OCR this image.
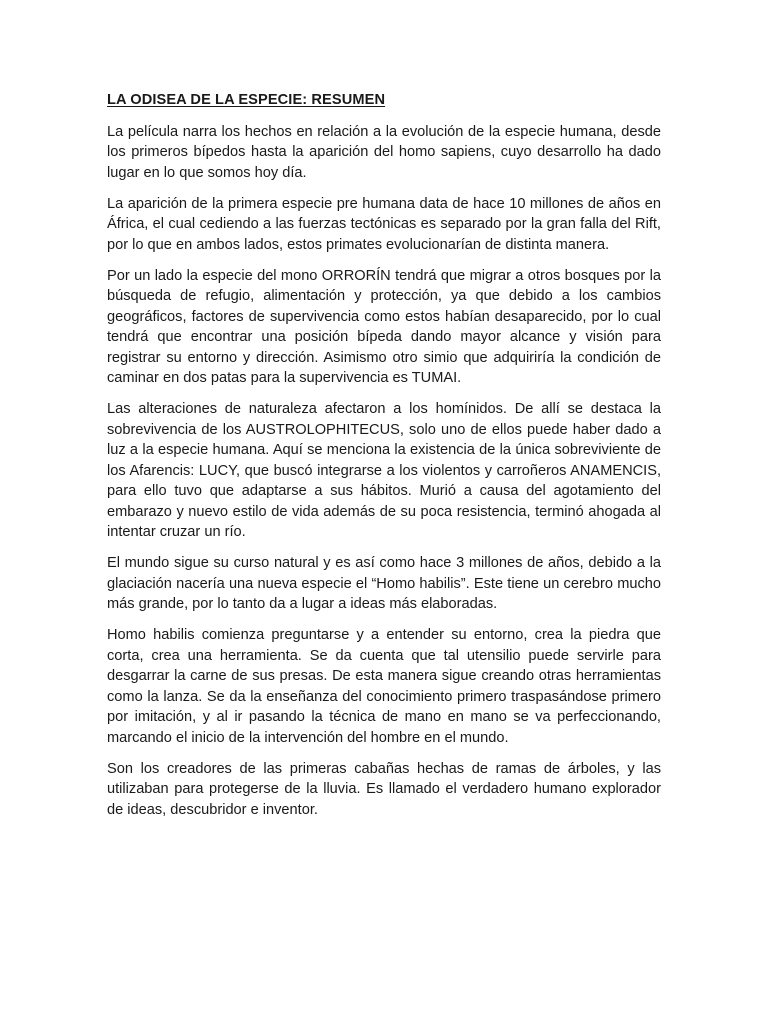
LA ODISEA DE LA ESPECIE: RESUMEN

La película narra los hechos en relación a la evolución de la especie humana, desde los primeros bípedos hasta la aparición del homo sapiens, cuyo desarrollo ha dado lugar en lo que somos hoy día.

La aparición de la primera especie pre humana data de hace 10 millones de años en África, el cual cediendo a las fuerzas tectónicas es separado por la gran falla del Rift, por lo que en ambos lados, estos primates evolucionarían de distinta manera.

Por un lado la especie del mono ORRORÍN tendrá que migrar a otros bosques por la búsqueda de refugio, alimentación y protección, ya que debido a los cambios geográficos, factores de supervivencia como estos habían desaparecido, por lo cual tendrá que encontrar una posición bípeda dando mayor alcance y visión para registrar su entorno y dirección. Asimismo otro simio que adquiriría la condición de caminar en dos patas para la supervivencia es TUMAI.

Las alteraciones de naturaleza afectaron a los homínidos. De allí se destaca la sobrevivencia de los AUSTROLOPHITECUS, solo uno de ellos puede haber dado a luz a la especie humana. Aquí se menciona la existencia de la única sobreviviente de los Afarencis: LUCY, que buscó integrarse a los violentos y carroñeros ANAMENCIS, para ello tuvo que adaptarse a sus hábitos. Murió a causa del agotamiento del embarazo y nuevo estilo de vida además de su poca resistencia, terminó ahogada al intentar cruzar un río.

El mundo sigue su curso natural y es así como hace 3 millones de años, debido a la glaciación nacería una nueva especie el “Homo habilis”. Este tiene un cerebro mucho más grande, por lo tanto da a lugar a ideas más elaboradas.

Homo habilis comienza preguntarse y a entender su entorno, crea la piedra que corta, crea una herramienta. Se da cuenta que tal utensilio puede servirle para desgarrar la carne de sus presas. De esta manera sigue creando otras herramientas como la lanza. Se da la enseñanza del conocimiento primero traspasándose primero por imitación, y al ir pasando la técnica de mano en mano se va perfeccionando, marcando el inicio de la intervención del hombre en el mundo.

Son los creadores de las primeras cabañas hechas de ramas de árboles, y las utilizaban para protegerse de la lluvia. Es llamado el verdadero humano explorador de ideas, descubridor e inventor.
